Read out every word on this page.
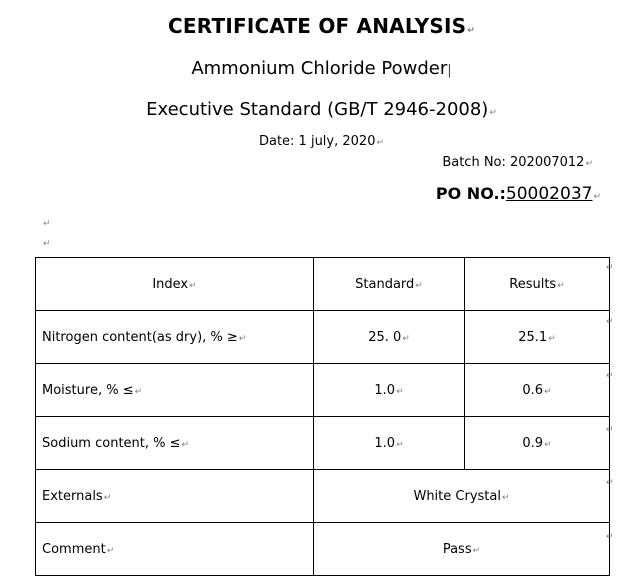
CERTIFICATE OF ANALYSIS↵
Ammonium Chloride Powder|
Executive Standard (GB/T 2946-2008)↵
Date: 1 july, 2020↵
Batch No: 202007012↵
PO NO.:50002037↵
↵
↵
Index↵	Standard↵	Results↵
Nitrogen content(as dry), % ≥↵	25. 0↵	25.1↵
Moisture, % ≤↵	1.0↵	0.6↵
Sodium content, % ≤↵	1.0↵	0.9↵
Externals↵	White Crystal↵	
Comment↵	Pass↵	
↵
↵
↵
↵
↵
↵
